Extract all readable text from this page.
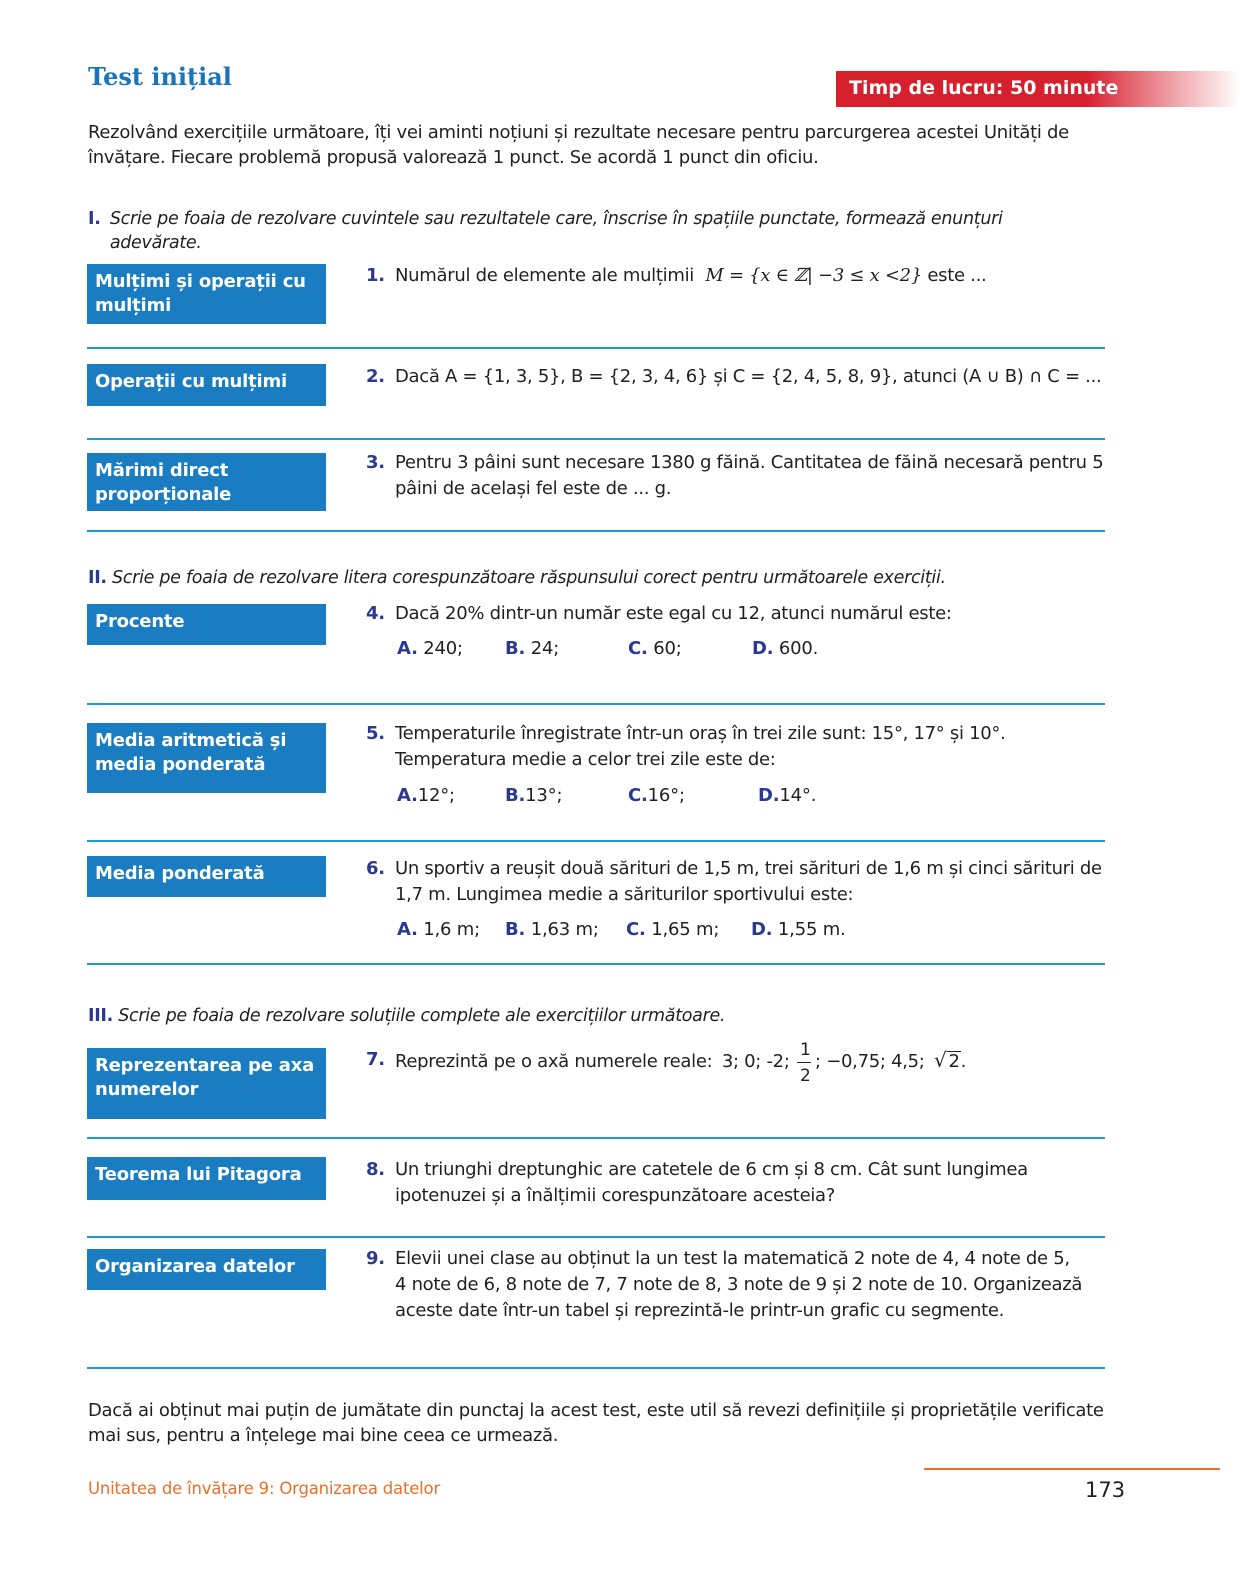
Test inițial	Timp de lucru: 50 minute
Rezolvând exercițiile următoare, îți vei aminti noțiuni și rezultate necesare pentru parcurgerea acestei Unități de învățare. Fiecare problemă propusă valorează 1 punct. Se acordă 1 punct din oficiu.
I. Scrie pe foaia de rezolvare cuvintele sau rezultatele care, înscrise în spațiile punctate, formează enunțuri adevărate.
Mulțimi și operații cu mulțimi
1. Numărul de elemente ale mulțimii M = {x ∈ ℤ| −3 ≤ x <2} este ...
Operații cu mulțimi	2. Dacă A = {1, 3, 5}, B = {2, 3, 4, 6} și C = {2, 4, 5, 8, 9}, atunci (A ∪ B) ∩ C = ...
Mărimi direct proporționale
3. Pentru 3 pâini sunt necesare 1380 g făină. Cantitatea de făină necesară pentru 5 pâini de același fel este de ... g.
II. Scrie pe foaia de rezolvare litera corespunzătoare răspunsului corect pentru următoarele exerciții.
Procente	4. Dacă 20% dintr-un număr este egal cu 12, atunci numărul este:
A. 240; B. 24;	C. 60;	D. 600.
Media aritmetică și media ponderată
5. Temperaturile înregistrate într-un oraș în trei zile sunt: 15°, 17° și 10°. Temperatura medie a celor trei zile este de:
A.12°;	B.13°;	C.16°;	D.14°.
Media ponderată	6. Un sportiv a reușit două sărituri de 1,5 m, trei sărituri de 1,6 m și cinci sărituri de 1,7 m. Lungimea medie a săriturilor sportivului este:
A. 1,6 m; B. 1,63 m; C. 1,65 m; D. 1,55 m.
III. Scrie pe foaia de rezolvare soluțiile complete ale exercițiilor următoare.
Reprezentarea pe axa numerelor
7. Reprezintă pe o axă numerele reale: 3; 0; -2; $\frac{1}{2}$ ; −0,75; 4,5; √ 2.
Teorema lui Pitagora	8. Un triunghi dreptunghic are catetele de 6 cm și 8 cm. Cât sunt lungimea ipotenuzei și a înălțimii corespunzătoare acesteia?
Organizarea datelor	9. Elevii unei clase au obținut la un test la matematică 2 note de 4, 4 note de 5, 4 note de 6, 8 note de 7, 7 note de 8, 3 note de 9 și 2 note de 10. Organizează aceste date într-un tabel și reprezintă-le printr-un grafic cu segmente.
Dacă ai obținut mai puțin de jumătate din punctaj la acest test, este util să revezi definițiile și proprietățile verificate mai sus, pentru a înțelege mai bine ceea ce urmează.
Unitatea de învățare 9: Organizarea datelor	173
